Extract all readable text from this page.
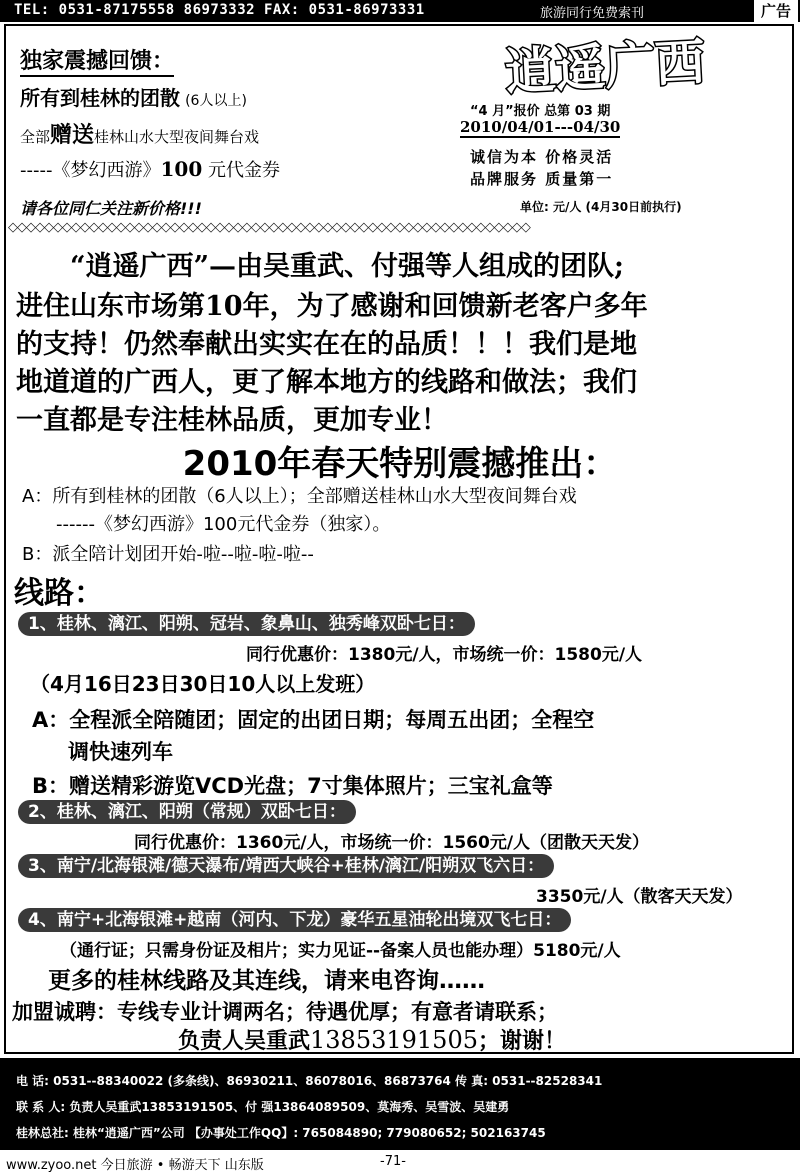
TEL: 0531-87175558 86973332 FAX: 0531-86973331	旅游同行免费索刊	广告
独家震撼回馈：
所有到桂林的团散 (6人以上)
全部赠送桂林山水大型夜间舞台戏
-----《梦幻西游》100 元代金券
请各位同仁关注新价格!!!
逍遥广西
“4 月”报价 总第 03 期
2010/04/01---04/30
诚信为本 价格灵活
品牌服务 质量第一
单位: 元/人 (4月30日前执行)
◇◇◇◇◇◇◇◇◇◇◇◇◇◇◇◇◇◇◇◇◇◇◇◇◇◇◇◇◇◇◇◇◇◇◇◇◇◇◇◇◇◇◇◇◇◇◇◇◇◇◇◇◇◇◇◇◇◇
“逍遥广西”—由吴重武、付强等人组成的团队;
进住山东市场第10年，为了感谢和回馈新老客户多年
的支持！仍然奉献出实实在在的品质！！！我们是地
地道道的广西人，更了解本地方的线路和做法；我们
一直都是专注桂林品质，更加专业！
2010年春天特别震撼推出：
A：所有到桂林的团散（6人以上）；全部赠送桂林山水大型夜间舞台戏
------《梦幻西游》100元代金券（独家）。
B：派全陪计划团开始-啦--啦-啦-啦--
线路：
1、桂林、漓江、阳朔、冠岩、象鼻山、独秀峰双卧七日：
同行优惠价：1380元/人，市场统一价：1580元/人
（4月16日23日30日10人以上发班）
A：全程派全陪随团；固定的出团日期；每周五出团；全程空
调快速列车
B：赠送精彩游览VCD光盘；7寸集体照片；三宝礼盒等
2、桂林、漓江、阳朔（常规）双卧七日：
同行优惠价：1360元/人，市场统一价：1560元/人（团散天天发）
3、南宁/北海银滩/德天瀑布/靖西大峡谷+桂林/漓江/阳朔双飞六日：
3350元/人（散客天天发）
4、南宁+北海银滩+越南（河内、下龙）豪华五星油轮出境双飞七日：
（通行证；只需身份证及相片；实力见证--备案人员也能办理）5180元/人
更多的桂林线路及其连线，请来电咨询……
加盟诚聘：专线专业计调两名；待遇优厚；有意者请联系；
负责人吴重武13853191505；谢谢！
电 话: 0531--88340022 (多条线)、86930211、86078016、86873764 传 真: 0531--82528341
联 系 人: 负责人吴重武13853191505、付 强13864089509、莫海秀、吴雪波、吴建勇
桂林总社: 桂林“逍遥广西”公司 【办事处工作QQ】: 765084890; 779080652; 502163745
www.zyoo.net 今日旅游 • 畅游天下 山东版	-71-
